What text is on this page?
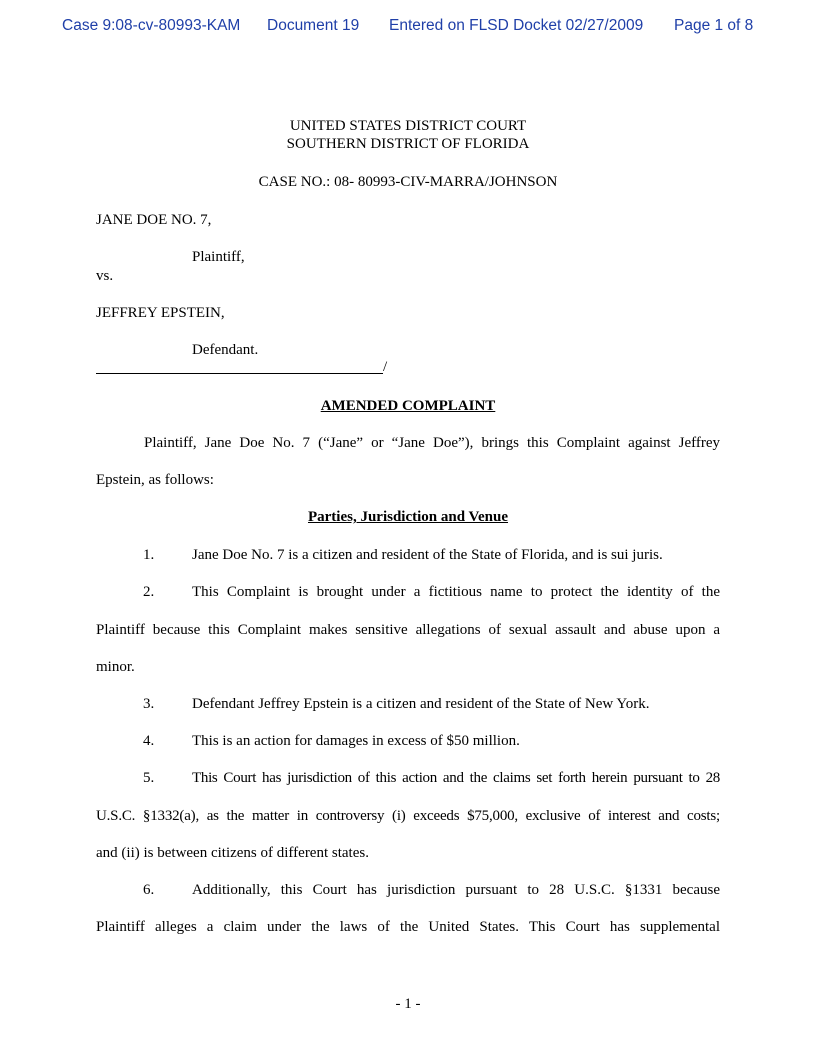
Case 9:08-cv-80993-KAM Document 19 Entered on FLSD Docket 02/27/2009 Page 1 of 8
UNITED STATES DISTRICT COURT
SOUTHERN DISTRICT OF FLORIDA
CASE NO.: 08- 80993-CIV-MARRA/JOHNSON
JANE DOE NO. 7,
Plaintiff,
vs.
JEFFREY EPSTEIN,
Defendant.
/
AMENDED COMPLAINT
Plaintiff, Jane Doe No. 7 (“Jane” or “Jane Doe”), brings this Complaint against Jeffrey
Epstein, as follows:
Parties, Jurisdiction and Venue
1.	Jane Doe No. 7 is a citizen and resident of the State of Florida, and is sui juris.
2.	This Complaint is brought under a fictitious name to protect the identity of the
Plaintiff because this Complaint makes sensitive allegations of sexual assault and abuse upon a
minor.
3.	Defendant Jeffrey Epstein is a citizen and resident of the State of New York.
4.	This is an action for damages in excess of $50 million.
5.	This Court has jurisdiction of this action and the claims set forth herein pursuant to 28
U.S.C. §1332(a), as the matter in controversy (i) exceeds $75,000, exclusive of interest and costs;
and (ii) is between citizens of different states.
6.	Additionally, this Court has jurisdiction pursuant to 28 U.S.C. §1331 because
Plaintiff alleges a claim under the laws of the United States. This Court has supplemental
- 1 -
